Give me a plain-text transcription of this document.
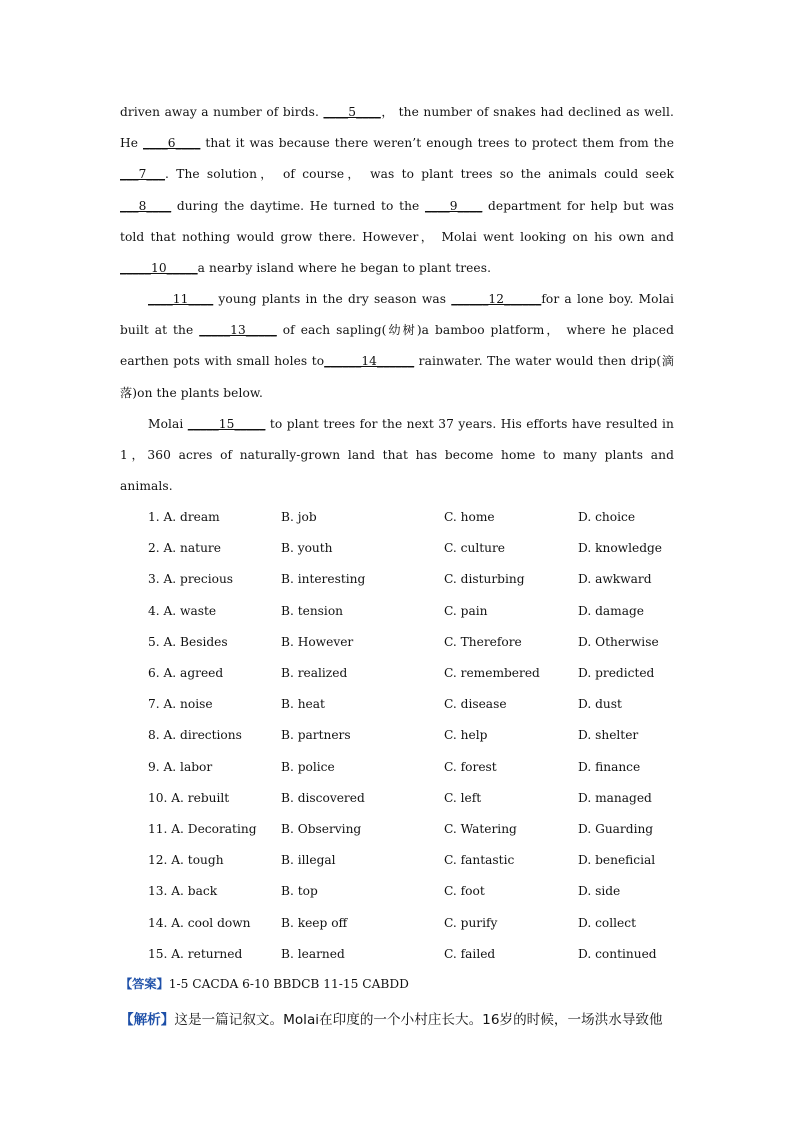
driven away a number of birds. ____5____， the number of snakes had declined as well. He ____6____ that it was because there weren’t enough trees to protect them from the ___7___. The solution， of course， was to plant trees so the animals could seek ___8____ during the daytime. He turned to the ____9____ department for help but was told that nothing would grow there. However， Molai went looking on his own and _____10_____a nearby island where he began to plant trees.
____11____ young plants in the dry season was ______12______for a lone boy. Molai built at the _____13_____ of each sapling(幼树)a bamboo platform， where he placed earthen pots with small holes to______14______ rainwater. The water would then drip(滴落)on the plants below.
Molai _____15_____ to plant trees for the next 37 years. His efforts have resulted in 1，360 acres of naturally-grown land that has become home to many plants and animals.
1. A. dream	B. job	C. home	D. choice
2. A. nature	B. youth	C. culture	D. knowledge
3. A. precious	B. interesting	C. disturbing	D. awkward
4. A. waste	B. tension	C. pain	D. damage
5. A. Besides	B. However	C. Therefore	D. Otherwise
6. A. agreed	B. realized	C. remembered	D. predicted
7. A. noise	B. heat	C. disease	D. dust
8. A. directions	B. partners	C. help	D. shelter
9. A. labor	B. police	C. forest	D. finance
10. A. rebuilt	B. discovered	C. left	D. managed
11. A. Decorating B. Observing	C. Watering	D. Guarding
12. A. tough	B. illegal	C. fantastic	D. beneficial
13. A. back	B. top	C. foot	D. side
14. A. cool down	B. keep off	C. purify	D. collect
15. A. returned	B. learned	C. failed	D. continued
【答案】1-5 CACDA 6-10 BBDCB 11-15 CABDD
【解析】这是一篇记叙文。Molai在印度的一个小村庄长大。16岁的时候，一场洪水导致他
